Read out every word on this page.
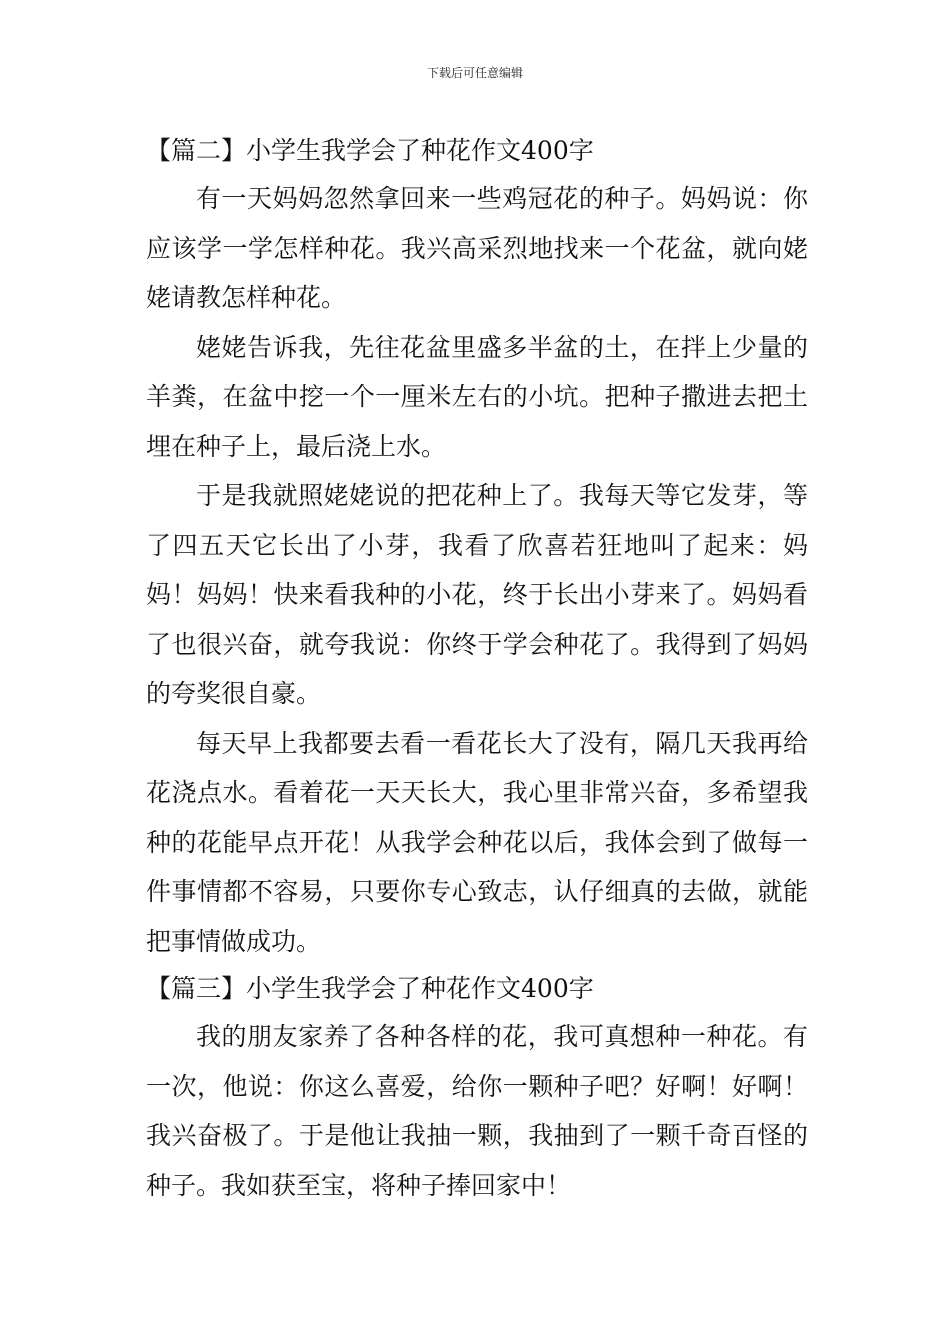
下载后可任意编辑
【篇二】小学生我学会了种花作文400字

有一天妈妈忽然拿回来一些鸡冠花的种子。妈妈说：你应该学一学怎样种花。我兴高采烈地找来一个花盆，就向姥姥请教怎样种花。

姥姥告诉我，先往花盆里盛多半盆的土，在拌上少量的羊粪，在盆中挖一个一厘米左右的小坑。把种子撒进去把土埋在种子上，最后浇上水。

于是我就照姥姥说的把花种上了。我每天等它发芽，等了四五天它长出了小芽，我看了欣喜若狂地叫了起来：妈妈！妈妈！快来看我种的小花，终于长出小芽来了。妈妈看了也很兴奋，就夸我说：你终于学会种花了。我得到了妈妈的夸奖很自豪。

每天早上我都要去看一看花长大了没有，隔几天我再给花浇点水。看着花一天天长大，我心里非常兴奋，多希望我种的花能早点开花！从我学会种花以后，我体会到了做每一件事情都不容易，只要你专心致志，认仔细真的去做，就能把事情做成功。

【篇三】小学生我学会了种花作文400字

我的朋友家养了各种各样的花，我可真想种一种花。有一次，他说：你这么喜爱，给你一颗种子吧？好啊！好啊！我兴奋极了。于是他让我抽一颗，我抽到了一颗千奇百怪的种子。我如获至宝，将种子捧回家中！
